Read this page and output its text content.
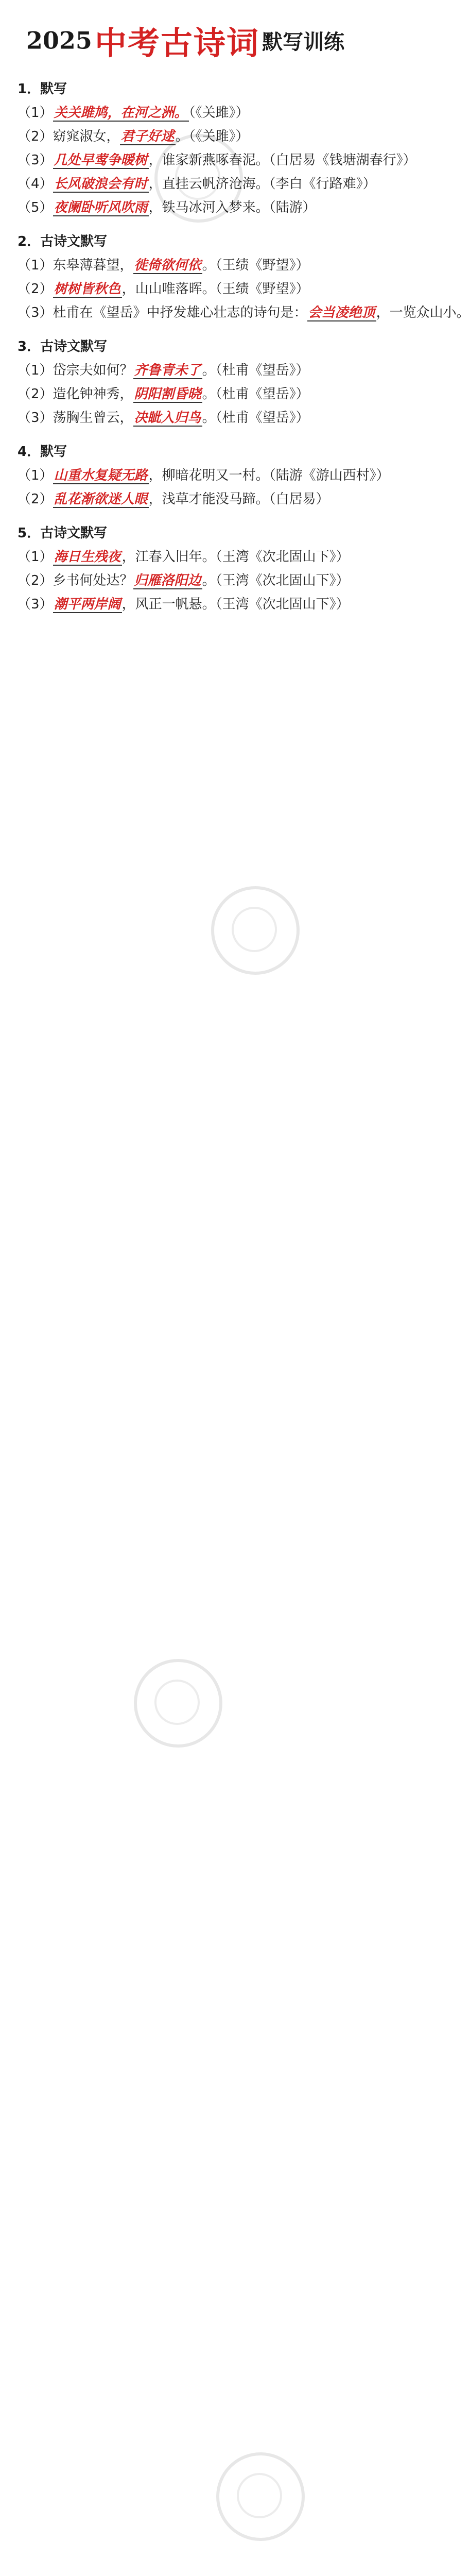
2025 中考古诗词 默写训练
1．默写
（1）关关雎鸠，在河之洲。（《关雎》）
（2）窈窕淑女，君子好逑。（《关雎》）
（3）几处早莺争暖树，谁家新燕啄春泥。（白居易《钱塘湖春行》）
（4）长风破浪会有时，直挂云帆济沧海。（李白《行路难》）
（5）夜阑卧听风吹雨，铁马冰河入梦来。（陆游）
2．古诗文默写
（1）东皋薄暮望，徙倚欲何依。（王绩《野望》）
（2）树树皆秋色，山山唯落晖。（王绩《野望》）
（3）杜甫在《望岳》中抒发雄心壮志的诗句是：会当凌绝顶，一览众山小。
3．古诗文默写
（1）岱宗夫如何？齐鲁青未了。（杜甫《望岳》）
（2）造化钟神秀，阴阳割昏晓。（杜甫《望岳》）
（3）荡胸生曾云，决眦入归鸟。（杜甫《望岳》）
4．默写
（1）山重水复疑无路，柳暗花明又一村。（陆游《游山西村》）
（2）乱花渐欲迷人眼，浅草才能没马蹄。（白居易）
5．古诗文默写
（1）海日生残夜，江春入旧年。（王湾《次北固山下》）
（2）乡书何处达？归雁洛阳边。（王湾《次北固山下》）
（3）潮平两岸阔，风正一帆悬。（王湾《次北固山下》）
